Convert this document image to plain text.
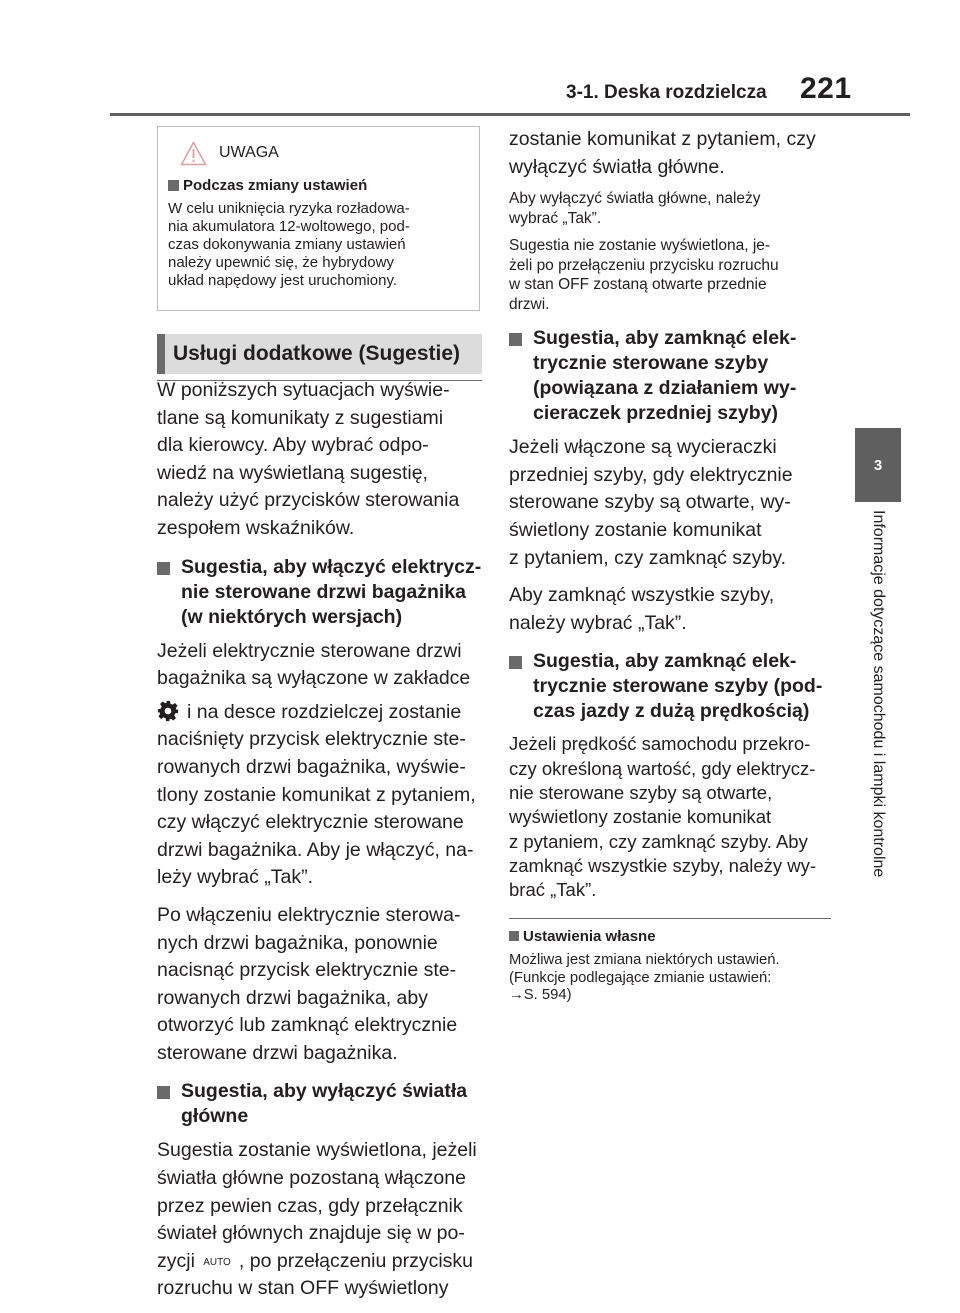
3-1. Deska rozdzielcza 221
3
Informacje dotyczące samochodu i lampki kontrolne
UWAGA
Podczas zmiany ustawień
W celu uniknięcia ryzyka rozładowa-
nia akumulatora 12-woltowego, pod-
czas dokonywania zmiany ustawień
należy upewnić się, że hybrydowy
układ napędowy jest uruchomiony.
Usługi dodatkowe (Sugestie)

W poniższych sytuacjach wyświe-
tlane są komunikaty z sugestiami
dla kierowcy. Aby wybrać odpo-
wiedź na wyświetlaną sugestię,
należy użyć przycisków sterowania
zespołem wskaźników.

Sugestia, aby włączyć elektrycz-
nie sterowane drzwi bagażnika
(w niektórych wersjach)

Jeżeli elektrycznie sterowane drzwi
bagażnika są wyłączone w zakładce
i na desce rozdzielczej zostanie
naciśnięty przycisk elektrycznie ste-
rowanych drzwi bagażnika, wyświe-
tlony zostanie komunikat z pytaniem,
czy włączyć elektrycznie sterowane
drzwi bagażnika. Aby je włączyć, na-
leży wybrać „Tak”.

Po włączeniu elektrycznie sterowa-
nych drzwi bagażnika, ponownie
nacisnąć przycisk elektrycznie ste-
rowanych drzwi bagażnika, aby
otworzyć lub zamknąć elektrycznie
sterowane drzwi bagażnika.

Sugestia, aby wyłączyć światła
główne

Sugestia zostanie wyświetlona, jeżeli
światła główne pozostaną włączone
przez pewien czas, gdy przełącznik
świateł głównych znajduje się w po-
zycji AUTO , po przełączeniu przycisku
rozruchu w stan OFF wyświetlony

zostanie komunikat z pytaniem, czy
wyłączyć światła główne.

Aby wyłączyć światła główne, należy
wybrać „Tak”.

Sugestia nie zostanie wyświetlona, je-
żeli po przełączeniu przycisku rozruchu
w stan OFF zostaną otwarte przednie
drzwi.

Sugestia, aby zamknąć elek-
trycznie sterowane szyby
(powiązana z działaniem wy-
cieraczek przedniej szyby)

Jeżeli włączone są wycieraczki
przedniej szyby, gdy elektrycznie
sterowane szyby są otwarte, wy-
świetlony zostanie komunikat
z pytaniem, czy zamknąć szyby.

Aby zamknąć wszystkie szyby,
należy wybrać „Tak”.

Sugestia, aby zamknąć elek-
trycznie sterowane szyby (pod-
czas jazdy z dużą prędkością)

Jeżeli prędkość samochodu przekro-
czy określoną wartość, gdy elektrycz-
nie sterowane szyby są otwarte,
wyświetlony zostanie komunikat
z pytaniem, czy zamknąć szyby. Aby
zamknąć wszystkie szyby, należy wy-
brać „Tak”.

Ustawienia własne

Możliwa jest zmiana niektórych ustawień.
(Funkcje podlegające zmianie ustawień:
→S. 594)
